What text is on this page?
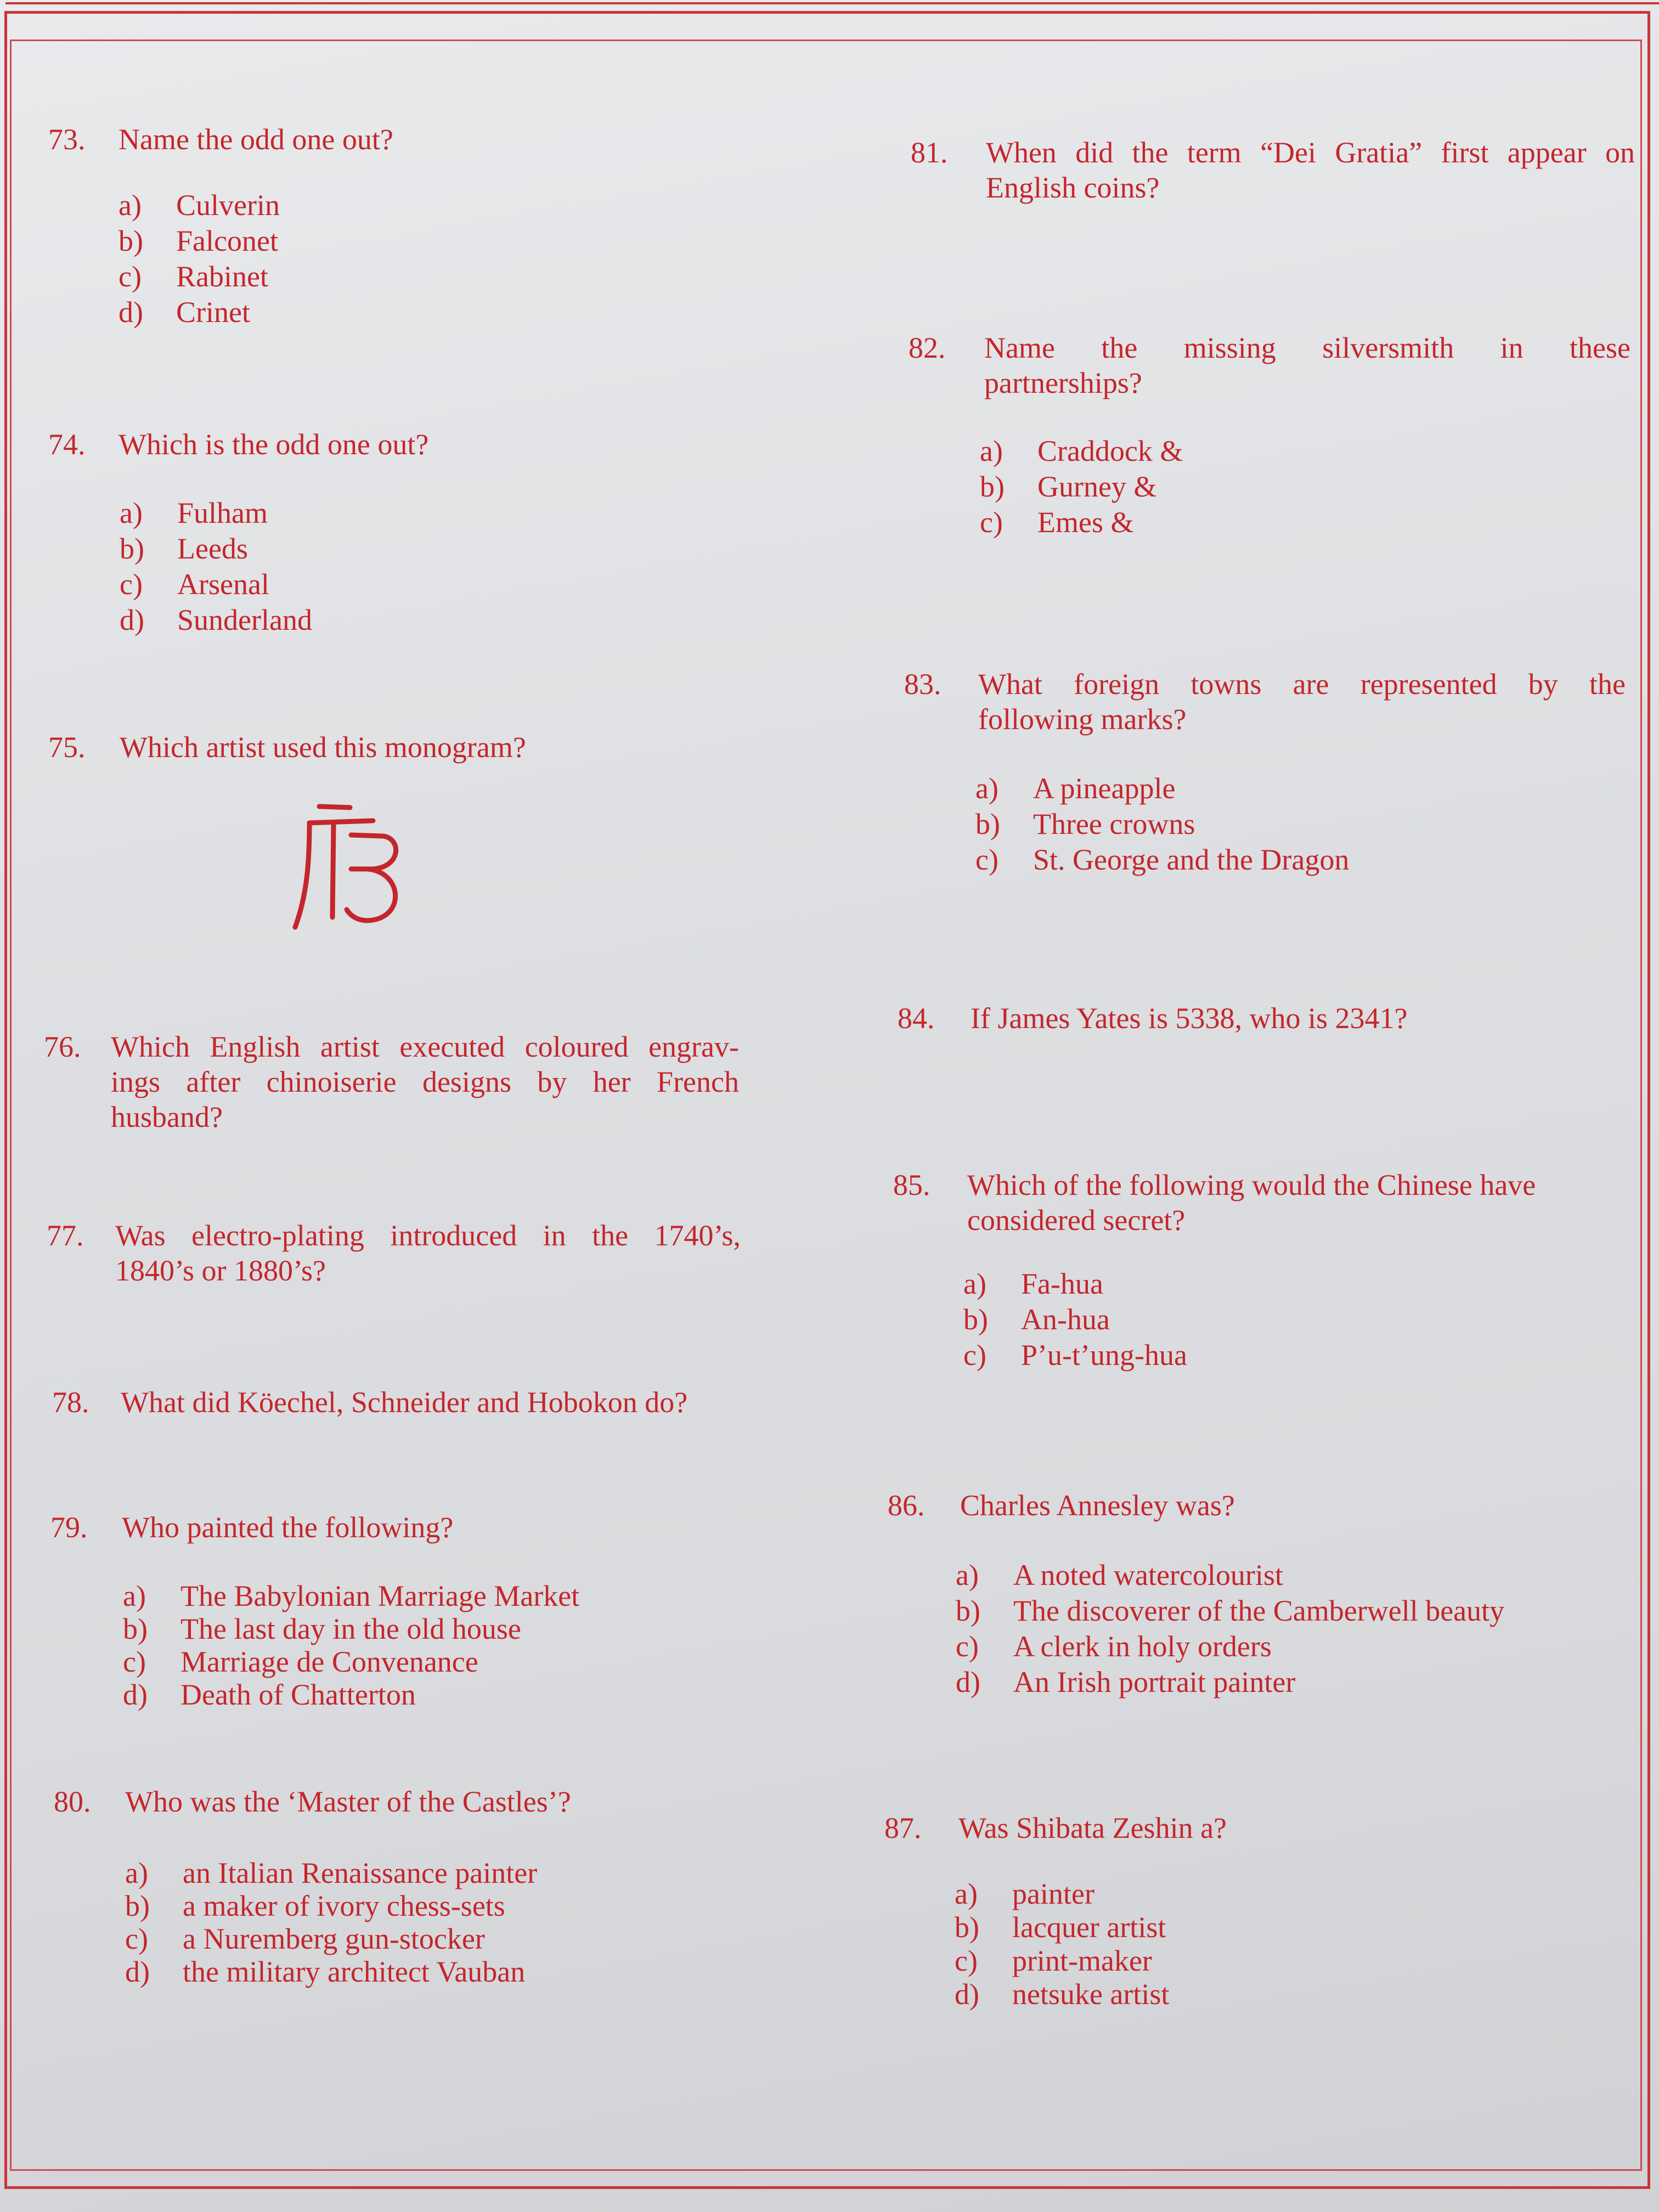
73. Name the odd one out?
a) Culverin
b) Falconet
c) Rabinet
d) Crinet
74. Which is the odd one out?
a) Fulham
b) Leeds
c) Arsenal
d) Sunderland
75. Which artist used this monogram?
76. Which English artist executed coloured engrav-
ings after chinoiserie designs by her French
husband?
77. Was electro-plating introduced in the 1740’s,
1840’s or 1880’s?
78. What did Köechel, Schneider and Hobokon do?
79. Who painted the following?
a) The Babylonian Marriage Market
b) The last day in the old house
c) Marriage de Convenance
d) Death of Chatterton
80. Who was the ‘Master of the Castles’?
a) an Italian Renaissance painter
b) a maker of ivory chess-sets
c) a Nuremberg gun-stocker
d) the military architect Vauban
81. When did the term “Dei Gratia” first appear on
English coins?
82. Name the missing silversmith in these
partnerships?
a) Craddock &
b) Gurney &
c) Emes &
83. What foreign towns are represented by the
following marks?
a) A pineapple
b) Three crowns
c) St. George and the Dragon
84. If James Yates is 5338, who is 2341?
85. Which of the following would the Chinese have
considered secret?
a) Fa-hua
b) An-hua
c) P’u-t’ung-hua
86. Charles Annesley was?
a) A noted watercolourist
b) The discoverer of the Camberwell beauty
c) A clerk in holy orders
d) An Irish portrait painter
87. Was Shibata Zeshin a?
a) painter
b) lacquer artist
c) print-maker
d) netsuke artist
